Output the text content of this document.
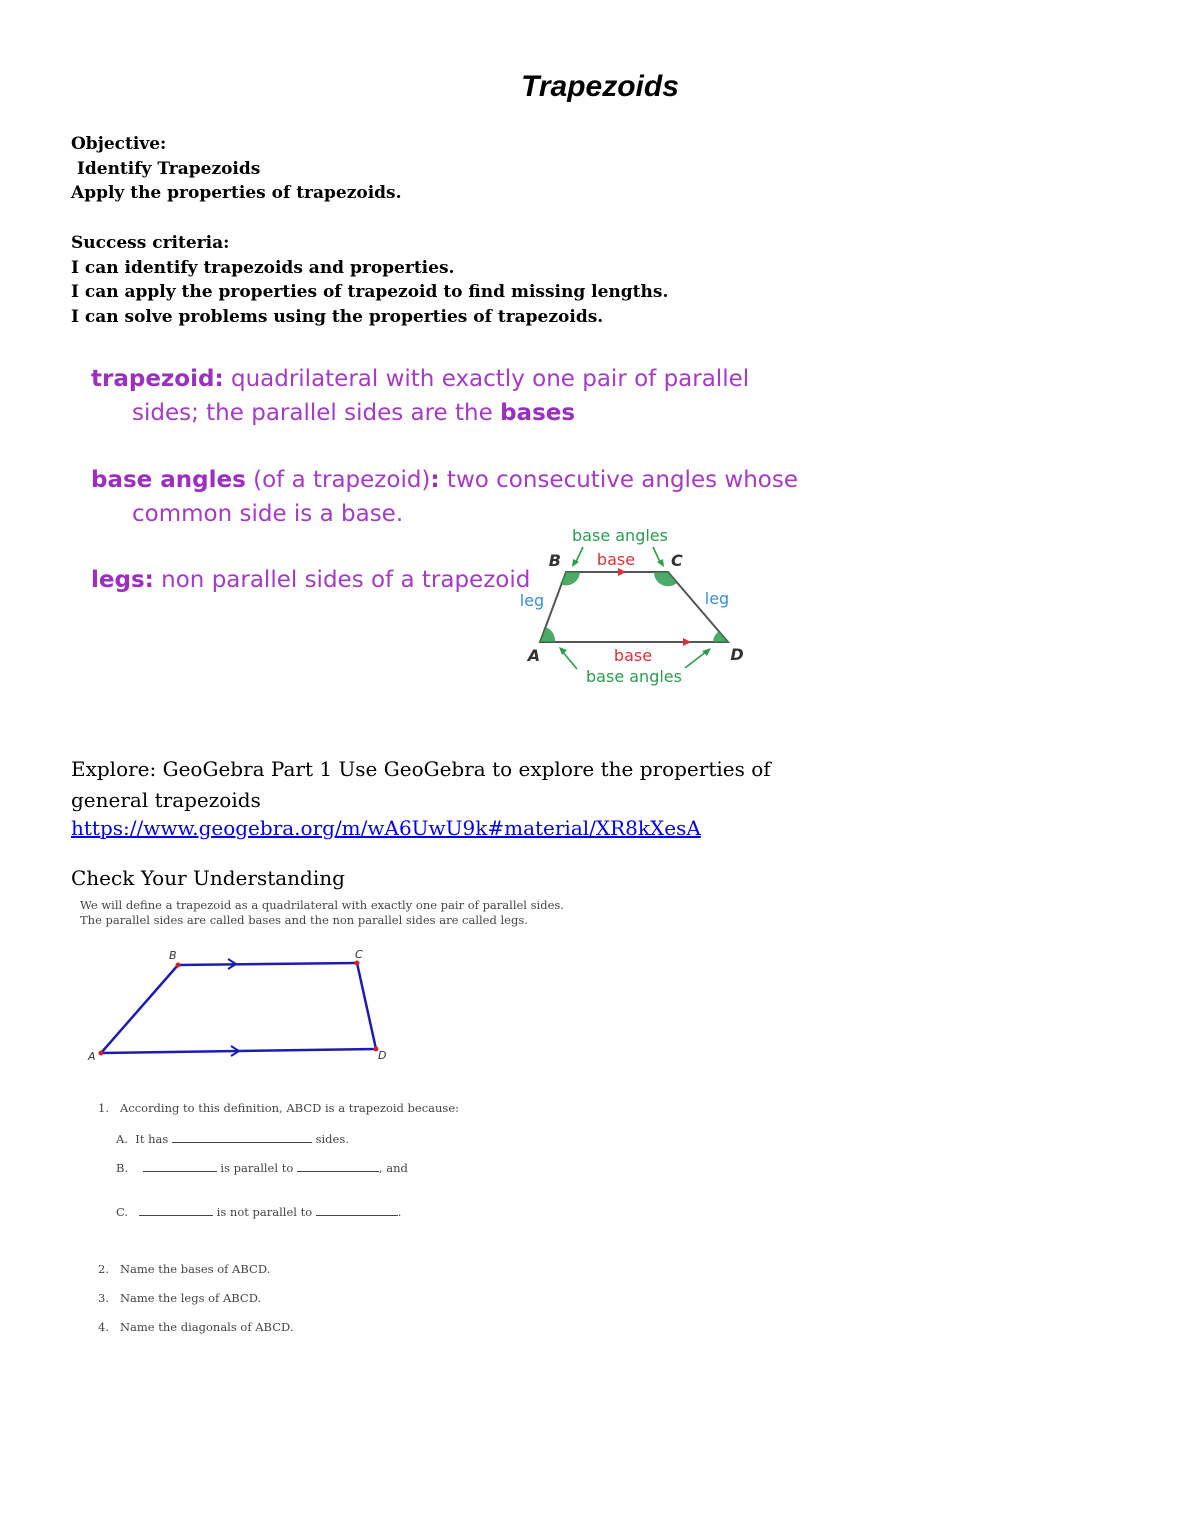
Trapezoids
Objective:
Identify Trapezoids
Apply the properties of trapezoids.
Success criteria:
I can identify trapezoids and properties.
I can apply the properties of trapezoid to find missing lengths.
I can solve problems using the properties of trapezoids.
trapezoid: quadrilateral with exactly one pair of parallel
sides; the parallel sides are the bases
base angles (of a trapezoid): two consecutive angles whose
common side is a base.
legs: non parallel sides of a trapezoid
base angles
base
B	C
leg	leg
A	D
base
base angles
Explore: GeoGebra Part 1 Use GeoGebra to explore the properties of general trapezoids
https://www.geogebra.org/m/wA6UwU9k#material/XR8kXesA
Check Your Understanding
We will define a trapezoid as a quadrilateral with exactly one pair of parallel sides.
The parallel sides are called bases and the non parallel sides are called legs.
A
B	C
D
1. According to this definition, ABCD is a trapezoid because:
A. It has	sides.
B.	is parallel to	, and
C.	is not parallel to	.
2. Name the bases of ABCD.
3. Name the legs of ABCD.
4. Name the diagonals of ABCD.
